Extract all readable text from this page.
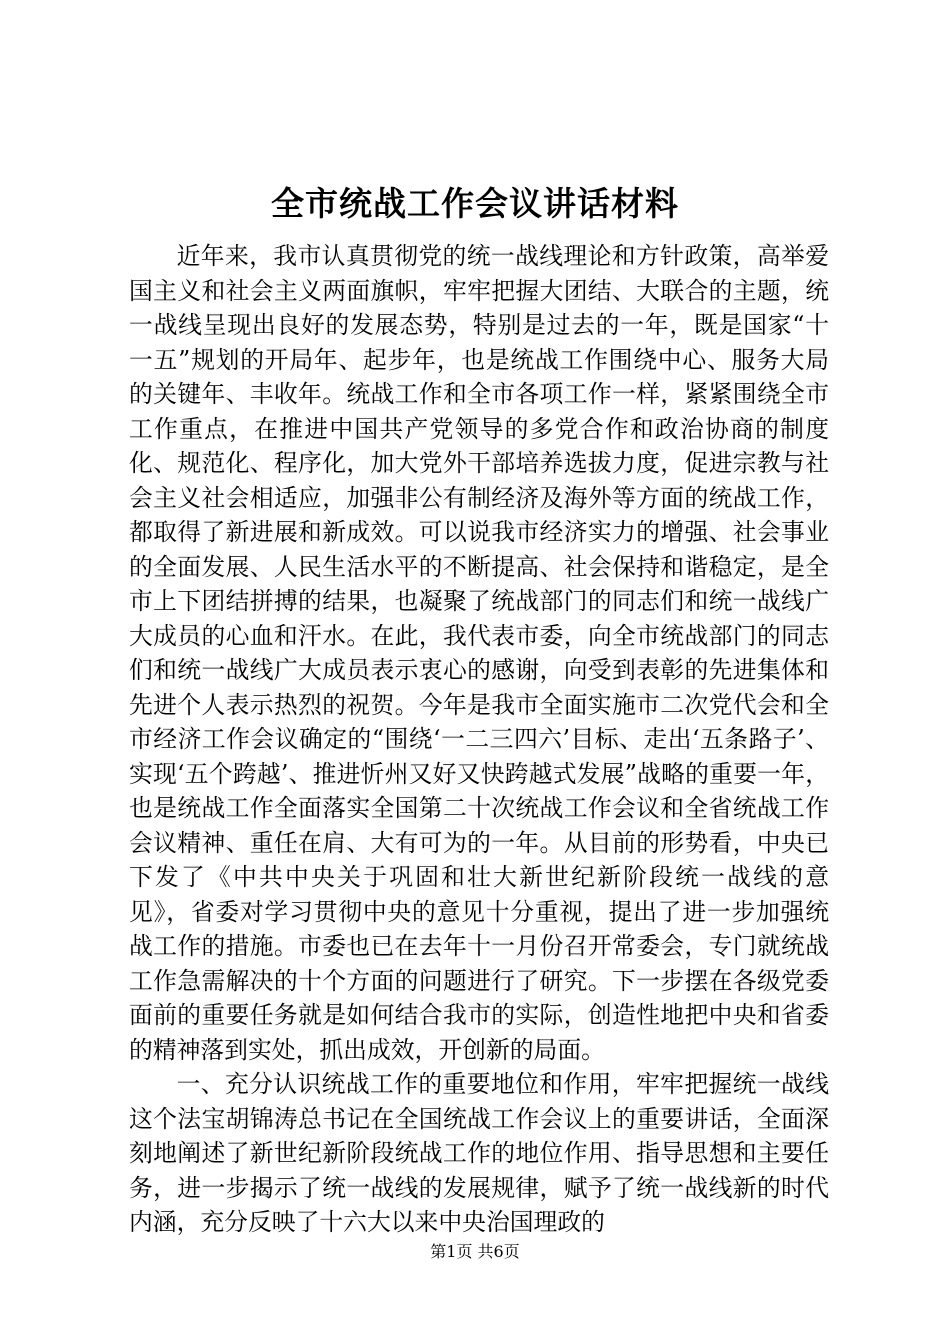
全市统战工作会议讲话材料

近年来，我市认真贯彻党的统一战线理论和方针政策，高举爱国主义和社会主义两面旗帜，牢牢把握大团结、大联合的主题，统一战线呈现出良好的发展态势，特别是过去的一年，既是国家“十一五”规划的开局年、起步年，也是统战工作围绕中心、服务大局的关键年、丰收年。统战工作和全市各项工作一样，紧紧围绕全市工作重点，在推进中国共产党领导的多党合作和政治协商的制度化、规范化、程序化，加大党外干部培养选拔力度，促进宗教与社会主义社会相适应，加强非公有制经济及海外等方面的统战工作，都取得了新进展和新成效。可以说我市经济实力的增强、社会事业的全面发展、人民生活水平的不断提高、社会保持和谐稳定，是全市上下团结拼搏的结果，也凝聚了统战部门的同志们和统一战线广大成员的心血和汗水。在此，我代表市委，向全市统战部门的同志们和统一战线广大成员表示衷心的感谢，向受到表彰的先进集体和先进个人表示热烈的祝贺。今年是我市全面实施市二次党代会和全市经济工作会议确定的“围绕‘一二三四六’目标、走出‘五条路子’、实现‘五个跨越’、推进忻州又好又快跨越式发展”战略的重要一年，也是统战工作全面落实全国第二十次统战工作会议和全省统战工作会议精神、重任在肩、大有可为的一年。从目前的形势看，中央已下发了《中共中央关于巩固和壮大新世纪新阶段统一战线的意见》，省委对学习贯彻中央的意见十分重视，提出了进一步加强统战工作的措施。市委也已在去年十一月份召开常委会，专门就统战工作急需解决的十个方面的问题进行了研究。下一步摆在各级党委面前的重要任务就是如何结合我市的实际，创造性地把中央和省委的精神落到实处，抓出成效，开创新的局面。

一、充分认识统战工作的重要地位和作用，牢牢把握统一战线这个法宝胡锦涛总书记在全国统战工作会议上的重要讲话，全面深刻地阐述了新世纪新阶段统战工作的地位作用、指导思想和主要任务，进一步揭示了统一战线的发展规律，赋予了统一战线新的时代内涵，充分反映了十六大以来中央治国理政的

第1页 共6页
